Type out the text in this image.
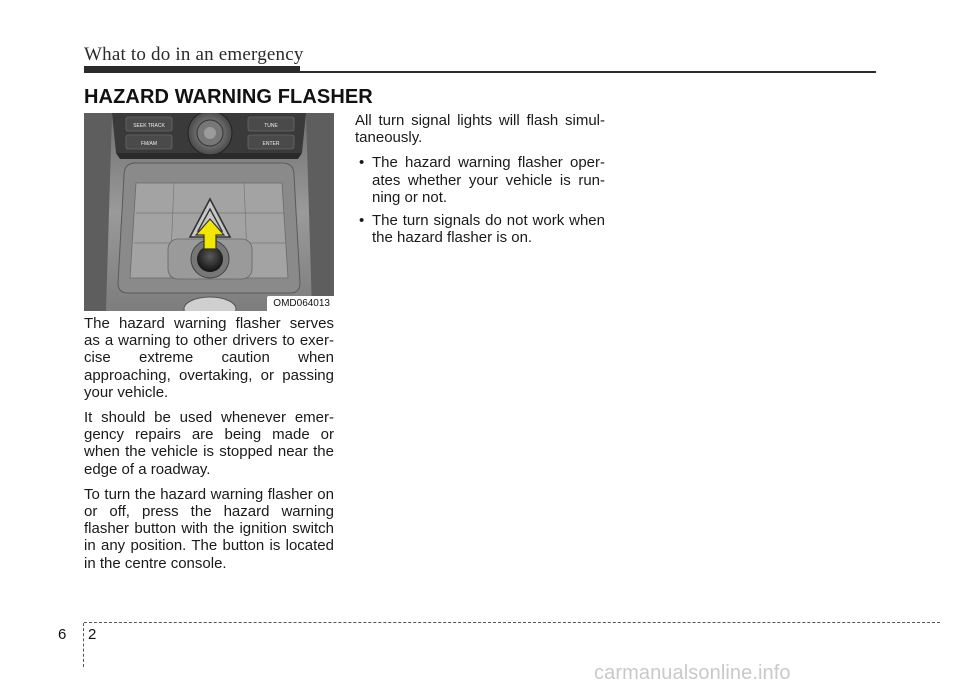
What to do in an emergency
HAZARD WARNING FLASHER
SEEK TRACK
FM/AM
TUNE
ENTER
OMD064013

The hazard warning flasher serves as a warning to other drivers to exer-cise extreme caution when approaching, overtaking, or passing your vehicle.

It should be used whenever emer-gency repairs are being made or when the vehicle is stopped near the edge of a roadway.

To turn the hazard warning flasher on or off, press the hazard warning flasher button with the ignition switch in any position. The button is located in the centre console.

All turn signal lights will flash simul-taneously.

• The hazard warning flasher oper-ates whether your vehicle is run-ning or not.
• The turn signals do not work when the hazard flasher is on.
6 2
carmanualsonline.info
